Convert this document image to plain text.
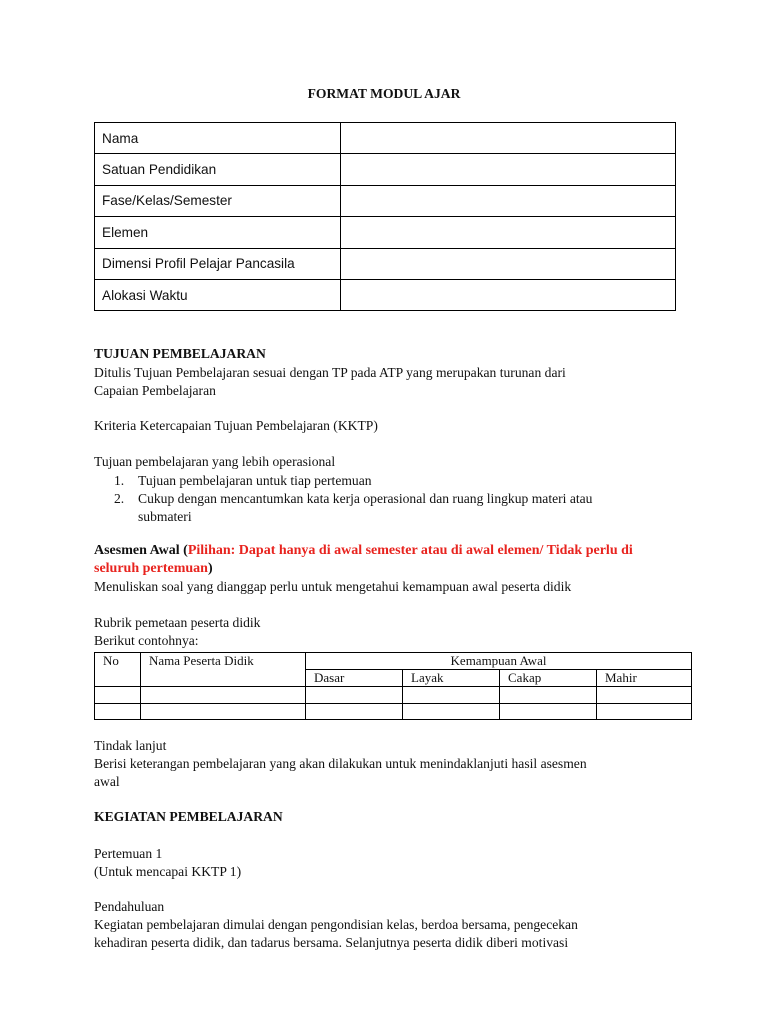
FORMAT MODUL AJAR
Nama	
Satuan Pendidikan	
Fase/Kelas/Semester	
Elemen	
Dimensi Profil Pelajar Pancasila	
Alokasi Waktu	
TUJUAN PEMBELAJARAN
Ditulis Tujuan Pembelajaran sesuai dengan TP pada ATP yang merupakan turunan dari
Capaian Pembelajaran
Kriteria Ketercapaian Tujuan Pembelajaran (KKTP)
Tujuan pembelajaran yang lebih operasional
1. Tujuan pembelajaran untuk tiap pertemuan
2. Cukup dengan mencantumkan kata kerja operasional dan ruang lingkup materi atau
submateri
Asesmen Awal (Pilihan: Dapat hanya di awal semester atau di awal elemen/ Tidak perlu di
seluruh pertemuan)
Menuliskan soal yang dianggap perlu untuk mengetahui kemampuan awal peserta didik
Rubrik pemetaan peserta didik
Berikut contohnya:
No	Nama Peserta Didik	Kemampuan Awal			
		Dasar	Layak	Cakap	Mahir

Tindak lanjut
Berisi keterangan pembelajaran yang akan dilakukan untuk menindaklanjuti hasil asesmen
awal
KEGIATAN PEMBELAJARAN
Pertemuan 1
(Untuk mencapai KKTP 1)
Pendahuluan
Kegiatan pembelajaran dimulai dengan pengondisian kelas, berdoa bersama, pengecekan
kehadiran peserta didik, dan tadarus bersama. Selanjutnya peserta didik diberi motivasi
